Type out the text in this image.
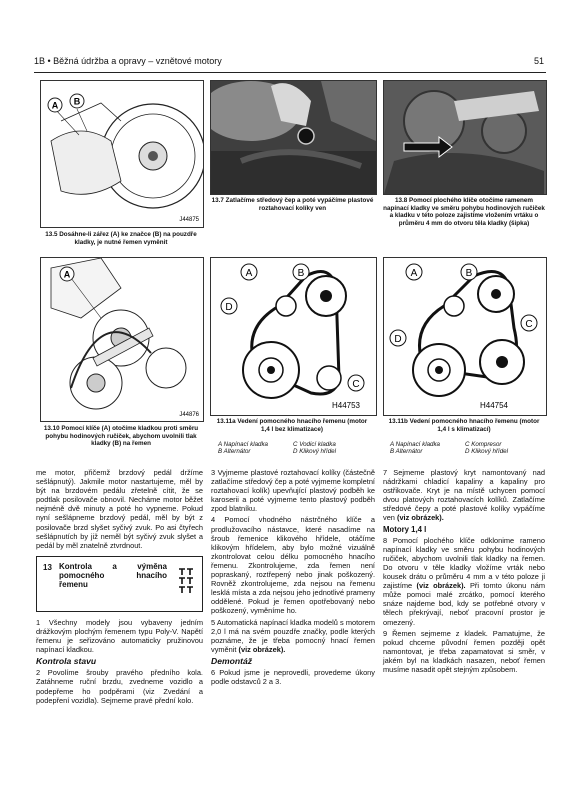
1B • Běžná údržba a opravy – vznětové motory	51
A B
J44875
13.5 Dosáhne-li zářez (A) ke značce (B) na pouzdře kladky, je nutné řemen vyměnit
13.7 Zatlačíme středový čep a poté vypáčíme plastové roztahovací kolíky ven
13.8 Pomocí plochého klíče otočíme ramenem napínací kladky ve směru pohybu hodinových ručiček a kladku v této poloze zajistíme vložením vrtáku o průměru 4 mm do otvoru těla kladky (šipka)
A
J44876
13.10 Pomocí klíče (A) otočíme kladkou proti směru pohybu hodinových ručiček, abychom uvolnili tlak kladky (B) na řemen
A	B
C
D
H44753
13.11a Vedení pomocného hnacího řemenu (motor 1,4 l bez klimatizace)
A Napínací kladka	C Vodicí kladka
B Alternátor	D Klikový hřídel
A	B
C
D
H44754
13.11b Vedení pomocného hnacího řemenu (motor 1,4 l s klimatizací)
A Napínací kladka	C Kompresor
B Alternátor	D Klikový hřídel

me motor, přičemž brzdový pedál držíme sešlápnutý). Jakmile motor nastartujeme, měl by být na brzdovém pedálu zřetelně cítit, že se podtlak posilovače obnovil. Necháme motor běžet nejméně dvě minuty a poté ho vypneme. Pokud nyní sešlápneme brzdový pedál, měl by být z posilovače brzd slyšet syčivý zvuk. Po asi čtyřech sešlápnutích by již neměl být syčivý zvuk slyšet a pedál by měl znatelně ztvrdnout.

13 Kontrola a výměna pomocného hnacího řemenu

1 Všechny modely jsou vybaveny jedním drážkovým plochým řemenem typu Poly-V. Napětí řemenu je seřizováno automaticky pružinovou napínací kladkou.

Kontrola stavu

2 Povolíme šrouby pravého předního kola. Zatáhneme ruční brzdu, zvedneme vozidlo a podepřeme ho podpěrami (viz Zvedání a podepření vozidla). Sejmeme pravé přední kolo.

3 Vyjmeme plastové roztahovací kolíky (částečně zatlačíme středový čep a poté vyjmeme kompletní roztahovací kolík) upevňující plastový podběh ke karoserii a poté vyjmeme tento plastový podběh zpod blatníku.

4 Pomocí vhodného nástrčného klíče a prodlužovacího nástavce, které nasadíme na šroub řemenice klikového hřídele, otáčíme klikovým hřídelem, aby bylo možné vizuálně zkontrolovat celou délku pomocného hnacího řemenu. Zkontrolujeme, zda řemen není popraskaný, roztřepený nebo jinak poškozený. Rovněž zkontrolujeme, zda nejsou na řemenu lesklá místa a zda nejsou jeho jednotlivé prameny oddělené. Pokud je řemen opotřebovaný nebo poškozený, vyměníme ho.

5 Automatická napínací kladka modelů s motorem 2,0 l má na svém pouzdře značky, podle kterých poznáme, že je třeba pomocný hnací řemen vyměnit (viz obrázek).

Demontáž

6 Pokud jsme je neprovedli, provedeme úkony podle odstavců 2 a 3.

7 Sejmeme plastový kryt namontovaný nad nádržkami chladicí kapaliny a kapaliny pro ostřikovače. Kryt je na místě uchycen pomocí dvou platových roztahovacích kolíků. Zatlačíme středové čepy a poté plastové kolíky vypáčíme ven (viz obrázek).

Motory 1,4 l

8 Pomocí plochého klíče odklonime rameno napínací kladky ve směru pohybu hodinových ručiček, abychom uvolnili tlak kladky na řemen. Do otvoru v těle kladky vložíme vrták nebo kousek drátu o průměru 4 mm a v této poloze ji zajistíme (viz obrázek). Při tomto úkonu nám může pomoci malé zrcátko, pomocí kterého snáze najdeme bod, kdy se potřebné otvory v tělech překrývají, neboť pracovní prostor je omezený.

9 Řemen sejmeme z kladek. Pamatujme, že pokud chceme původní řemen později opět namontovat, je třeba zapamatovat si směr, v jakém byl na kladkách nasazen, neboť řemen musíme nasadit opět stejným způsobem.
